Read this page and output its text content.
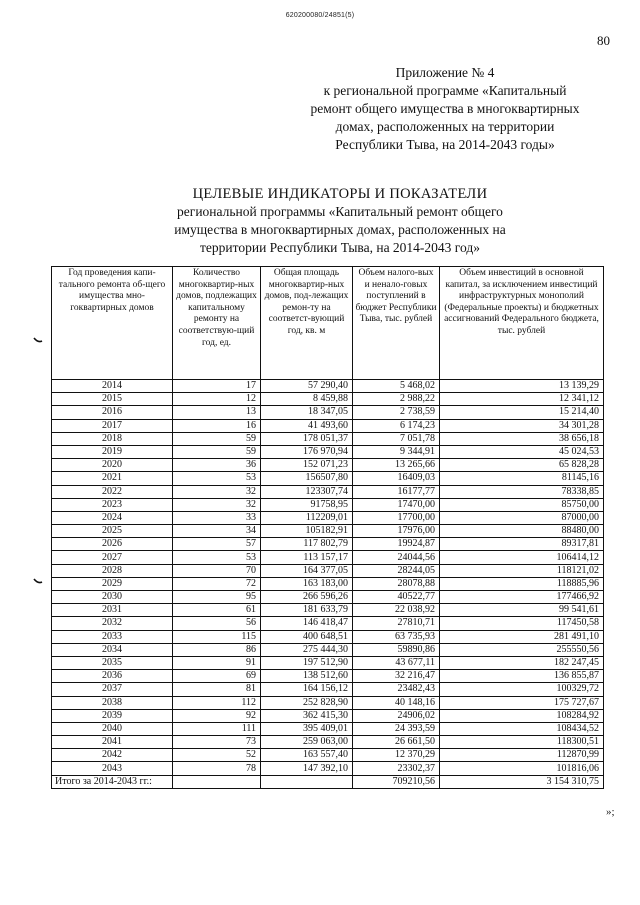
620200080/24851(5)
80
Приложение № 4
к региональной программе «Капитальный
ремонт общего имущества в многоквартирных
домах, расположенных на территории
Республики Тыва, на 2014-2043 годы»
ЦЕЛЕВЫЕ ИНДИКАТОРЫ И ПОКАЗАТЕЛИ
региональной программы «Капитальный ремонт общего
имущества в многоквартирных домах, расположенных на
территории Республики Тыва, на 2014-2043 год»
Год проведения капи-тального ремонта об-щего имущества мно-гоквартирных домов	Количество многоквартир-ных домов, подлежащих капитальному ремонту на соответствую-щий год, ед.	Общая площадь многоквартир-ных домов, под-лежащих ремон-ту на соответст-вующий год, кв. м	Объем налого-вых и ненало-говых поступлений в бюджет Республики Тыва, тыс. рублей	Объем инвестиций в основной капитал, за исключением инвестиций инфраструктурных монополий (Федеральные проекты) и бюджетных ассигнований Федерального бюджета, тыс. рублей
2014	17	57 290,40	5 468,02	13 139,29
2015	12	8 459,88	2 988,22	12 341,12
2016	13	18 347,05	2 738,59	15 214,40
2017	16	41 493,60	6 174,23	34 301,28
2018	59	178 051,37	7 051,78	38 656,18
2019	59	176 970,94	9 344,91	45 024,53
2020	36	152 071,23	13 265,66	65 828,28
2021	53	156507,80	16409,03	81145,16
2022	32	123307,74	16177,77	78338,85
2023	32	91758,95	17470,00	85750,00
2024	33	112209,01	17700,00	87000,00
2025	34	105182,91	17976,00	88480,00
2026	57	117 802,79	19924,87	89317,81
2027	53	113 157,17	24044,56	106414,12
2028	70	164 377,05	28244,05	118121,02
2029	72	163 183,00	28078,88	118885,96
2030	95	266 596,26	40522,77	177466,92
2031	61	181 633,79	22 038,92	99 541,61
2032	56	146 418,47	27810,71	117450,58
2033	115	400 648,51	63 735,93	281 491,10
2034	86	275 444,30	59890,86	255550,56
2035	91	197 512,90	43 677,11	182 247,45
2036	69	138 512,60	32 216,47	136 855,87
2037	81	164 156,12	23482,43	100329,72
2038	112	252 828,90	40 148,16	175 727,67
2039	92	362 415,30	24906,02	108284,92
2040	111	395 409,01	24 393,59	108434,52
2041	73	259 063,00	26 661,50	118300,51
2042	52	163 557,40	12 370,29	112870,99
2043	78	147 392,10	23302,37	101816,06
Итого за 2014-2043 гг.:			709210,56	3 154 310,75
»;
